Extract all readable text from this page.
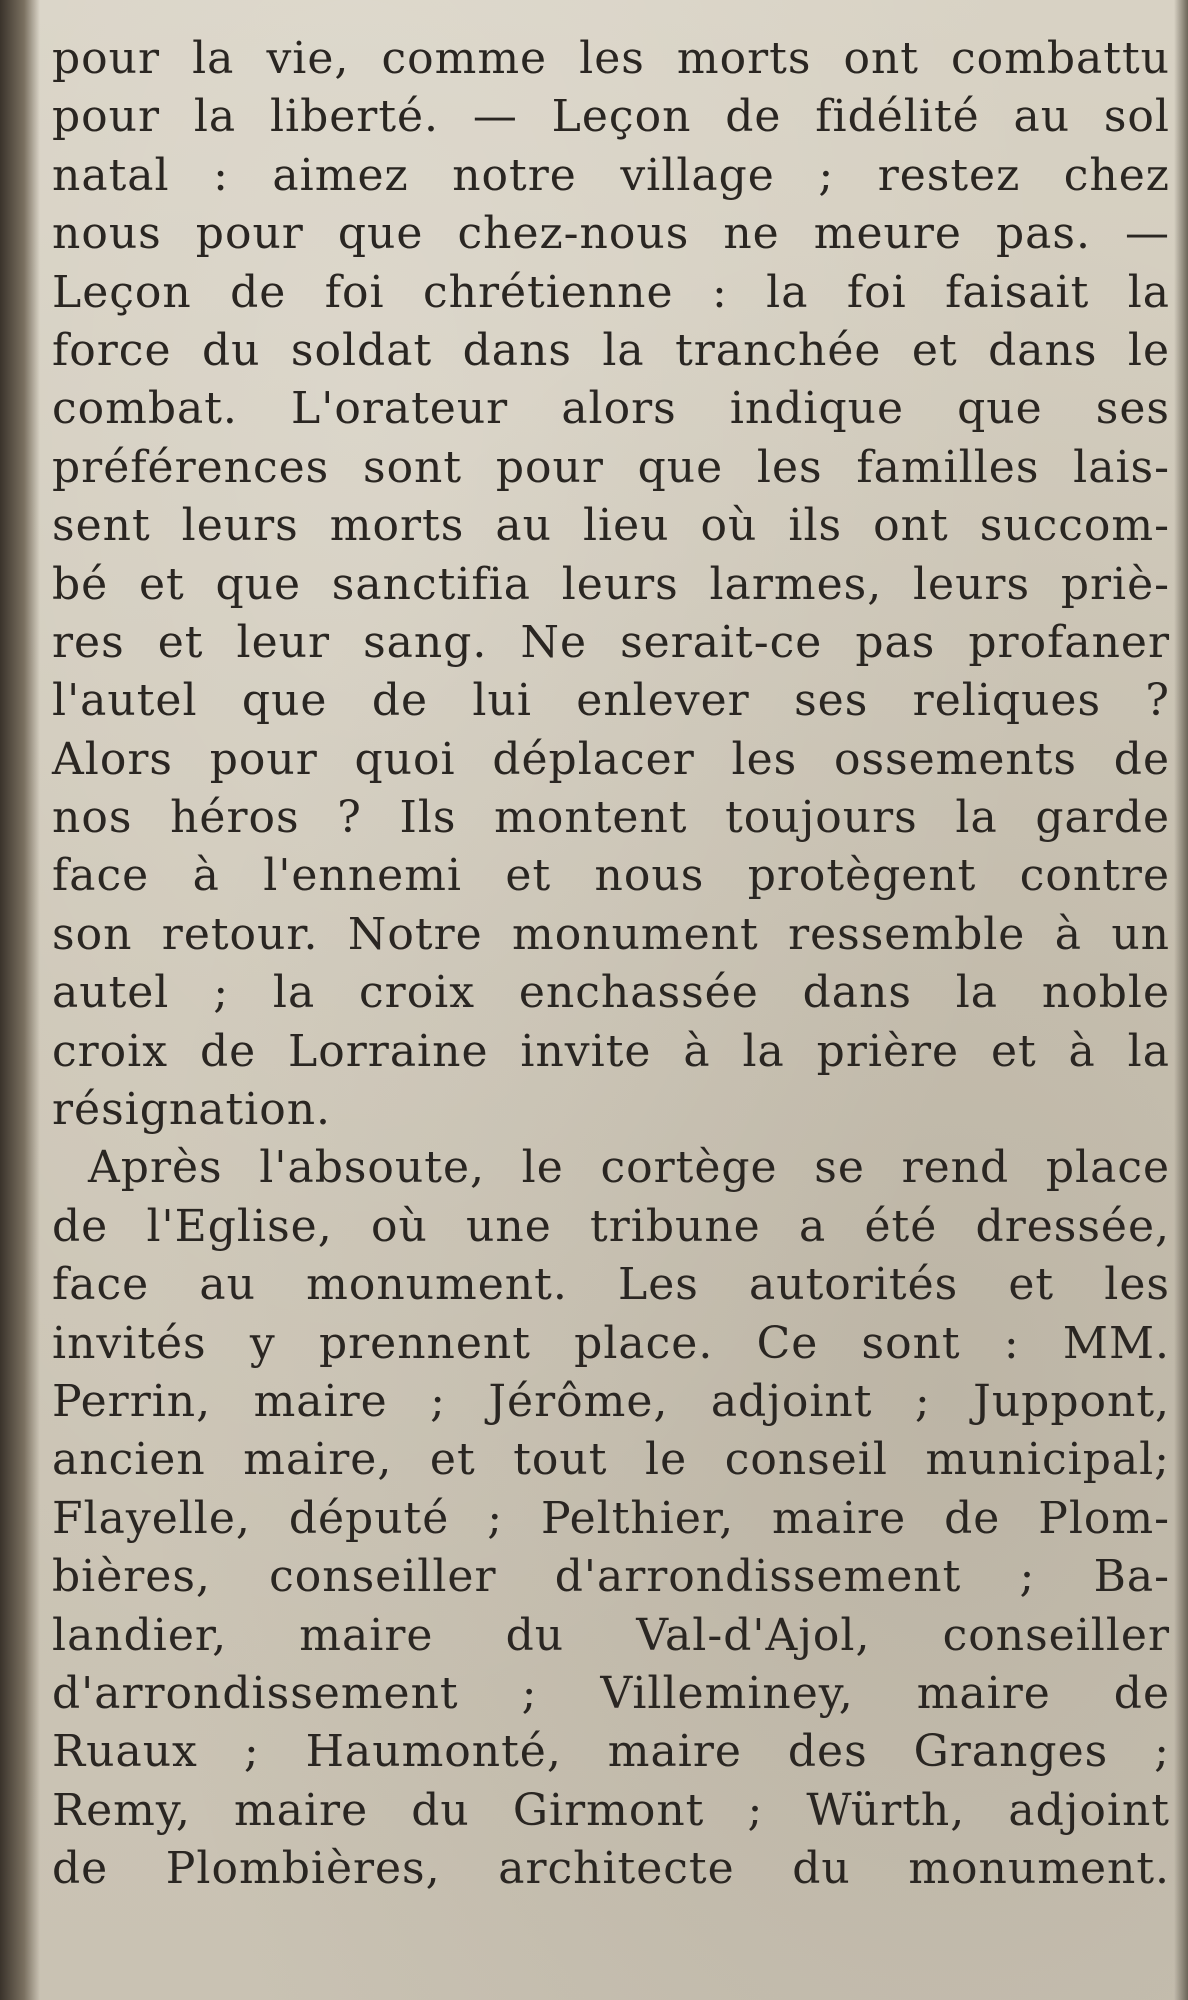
pour la vie, comme les morts ont combattu
pour la liberté. — Leçon de fidélité au sol
natal : aimez notre village ; restez chez
nous pour que chez-nous ne meure pas. —
Leçon de foi chrétienne : la foi faisait la
force du soldat dans la tranchée et dans le
combat. L'orateur alors indique que ses
préférences sont pour que les familles lais-
sent leurs morts au lieu où ils ont succom-
bé et que sanctifia leurs larmes, leurs priè-
res et leur sang. Ne serait-ce pas profaner
l'autel que de lui enlever ses reliques ?
Alors pour quoi déplacer les ossements de
nos héros ? Ils montent toujours la garde
face à l'ennemi et nous protègent contre
son retour. Notre monument ressemble à un
autel ; la croix enchassée dans la noble
croix de Lorraine invite à la prière et à la
résignation.
Après l'absoute, le cortège se rend place
de l'Eglise, où une tribune a été dressée,
face au monument. Les autorités et les
invités y prennent place. Ce sont : MM.
Perrin, maire ; Jérôme, adjoint ; Juppont,
ancien maire, et tout le conseil municipal;
Flayelle, député ; Pelthier, maire de Plom-
bières, conseiller d'arrondissement ; Ba-
landier, maire du Val-d'Ajol, conseiller
d'arrondissement ; Villeminey, maire de
Ruaux ; Haumonté, maire des Granges ;
Remy, maire du Girmont ; Würth, adjoint
de Plombières, architecte du monument.
